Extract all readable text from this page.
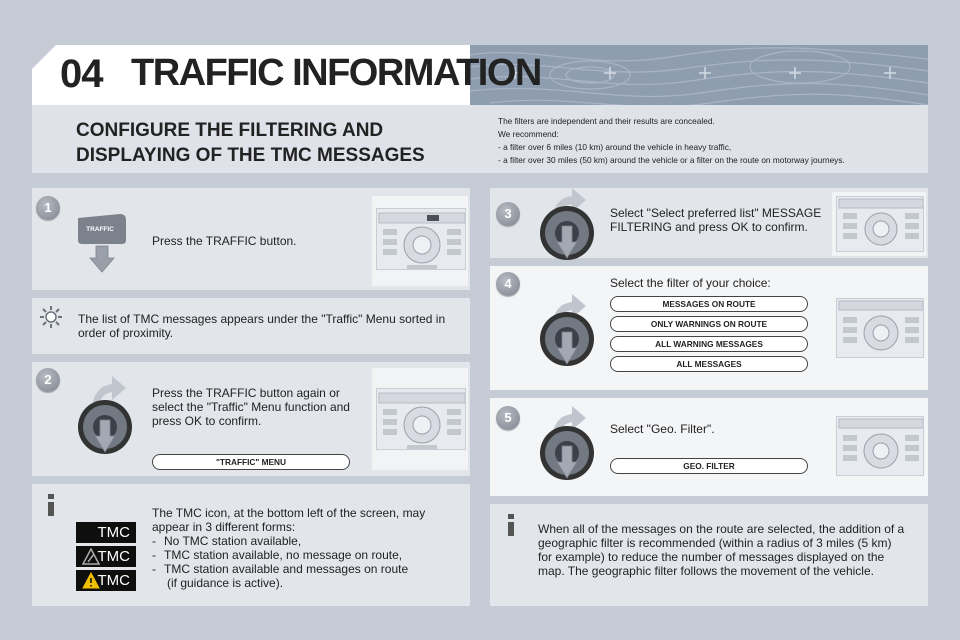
04 TRAFFIC INFORMATION
CONFIGURE THE FILTERING AND DISPLAYING OF THE TMC MESSAGES
The filters are independent and their results are concealed.
We recommend:
- a filter over 6 miles (10 km) around the vehicle in heavy traffic,
- a filter over 30 miles (50 km) around the vehicle or a filter on the route on motorway journeys.
1
TRAFFIC
Press the TRAFFIC button.
The list of TMC messages appears under the "Traffic" Menu sorted in order of proximity.
2
Press the TRAFFIC button again or select the "Traffic" Menu function and press OK to confirm.
"TRAFFIC" MENU
TMC
TMC
TMC
The TMC icon, at the bottom left of the screen, may appear in 3 different forms:
- No TMC station available,
- TMC station available, no message on route,
- TMC station available and messages on route
(if guidance is active).
3	Select "Select preferred list" MESSAGE FILTERING and press OK to confirm.
4	Select the filter of your choice:
MESSAGES ON ROUTE
ONLY WARNINGS ON ROUTE
ALL WARNING MESSAGES
ALL MESSAGES
5
Select "Geo. Filter".
GEO. FILTER
When all of the messages on the route are selected, the addition of a geographic filter is recommended (within a radius of 3 miles (5 km) for example) to reduce the number of messages displayed on the map. The geographic filter follows the movement of the vehicle.
